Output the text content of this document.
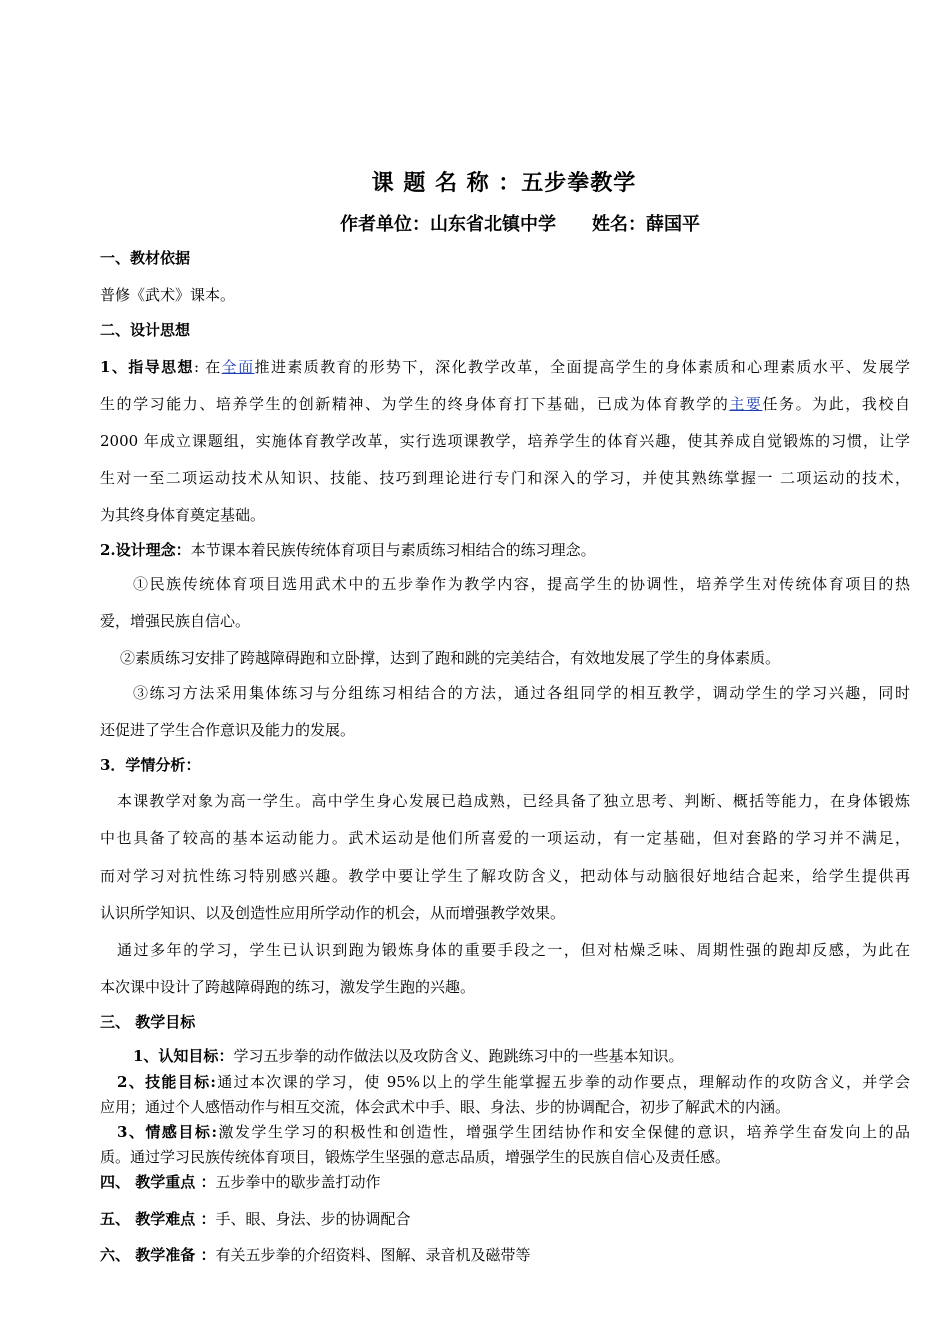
课 题 名 称 ：五步拳教学
作者单位：山东省北镇中学 姓名：薛国平
一、教材依据
普修《武术》课本。
二、设计思想
1、指导思想: 在全面推进素质教育的形势下，深化教学改革，全面提高学生的身体素质和心理素质水平、发展学
生的学习能力、培养学生的创新精神、为学生的终身体育打下基础，已成为体育教学的主要任务。为此，我校自
2000 年成立课题组，实施体育教学改革，实行选项课教学，培养学生的体育兴趣，使其养成自觉锻炼的习惯，让学
生对一至二项运动技术从知识、技能、技巧到理论进行专门和深入的学习，并使其熟练掌握一 二项运动的技术，
为其终身体育奠定基础。
2.设计理念：本节课本着民族传统体育项目与素质练习相结合的练习理念。
①民族传统体育项目选用武术中的五步拳作为教学内容，提高学生的协调性，培养学生对传统体育项目的热
爱，增强民族自信心。
②素质练习安排了跨越障碍跑和立卧撑，达到了跑和跳的完美结合，有效地发展了学生的身体素质。
③练习方法采用集体练习与分组练习相结合的方法，通过各组同学的相互教学，调动学生的学习兴趣，同时
还促进了学生合作意识及能力的发展。
3．学情分析：
本课教学对象为高一学生。高中学生身心发展已趋成熟，已经具备了独立思考、判断、概括等能力，在身体锻炼
中也具备了较高的基本运动能力。武术运动是他们所喜爱的一项运动，有一定基础，但对套路的学习并不满足，
而对学习对抗性练习特别感兴趣。教学中要让学生了解攻防含义，把动体与动脑很好地结合起来，给学生提供再
认识所学知识、以及创造性应用所学动作的机会，从而增强教学效果。
通过多年的学习，学生已认识到跑为锻炼身体的重要手段之一，但对枯燥乏味、周期性强的跑却反感，为此在
本次课中设计了跨越障碍跑的练习，激发学生跑的兴趣。
三、 教学目标
1、认知目标：学习五步拳的动作做法以及攻防含义、跑跳练习中的一些基本知识。
2、技能目标:通过本次课的学习，使 95%以上的学生能掌握五步拳的动作要点，理解动作的攻防含义，并学会
应用；通过个人感悟动作与相互交流，体会武术中手、眼、身法、步的协调配合，初步了解武术的内涵。
3、情感目标:激发学生学习的积极性和创造性，增强学生团结协作和安全保健的意识，培养学生奋发向上的品
质。通过学习民族传统体育项目，锻炼学生坚强的意志品质，增强学生的民族自信心及责任感。
四、 教学重点 ：五步拳中的歇步盖打动作
五、 教学难点 ：手、眼、身法、步的协调配合
六、 教学准备 ：有关五步拳的介绍资料、图解、录音机及磁带等
